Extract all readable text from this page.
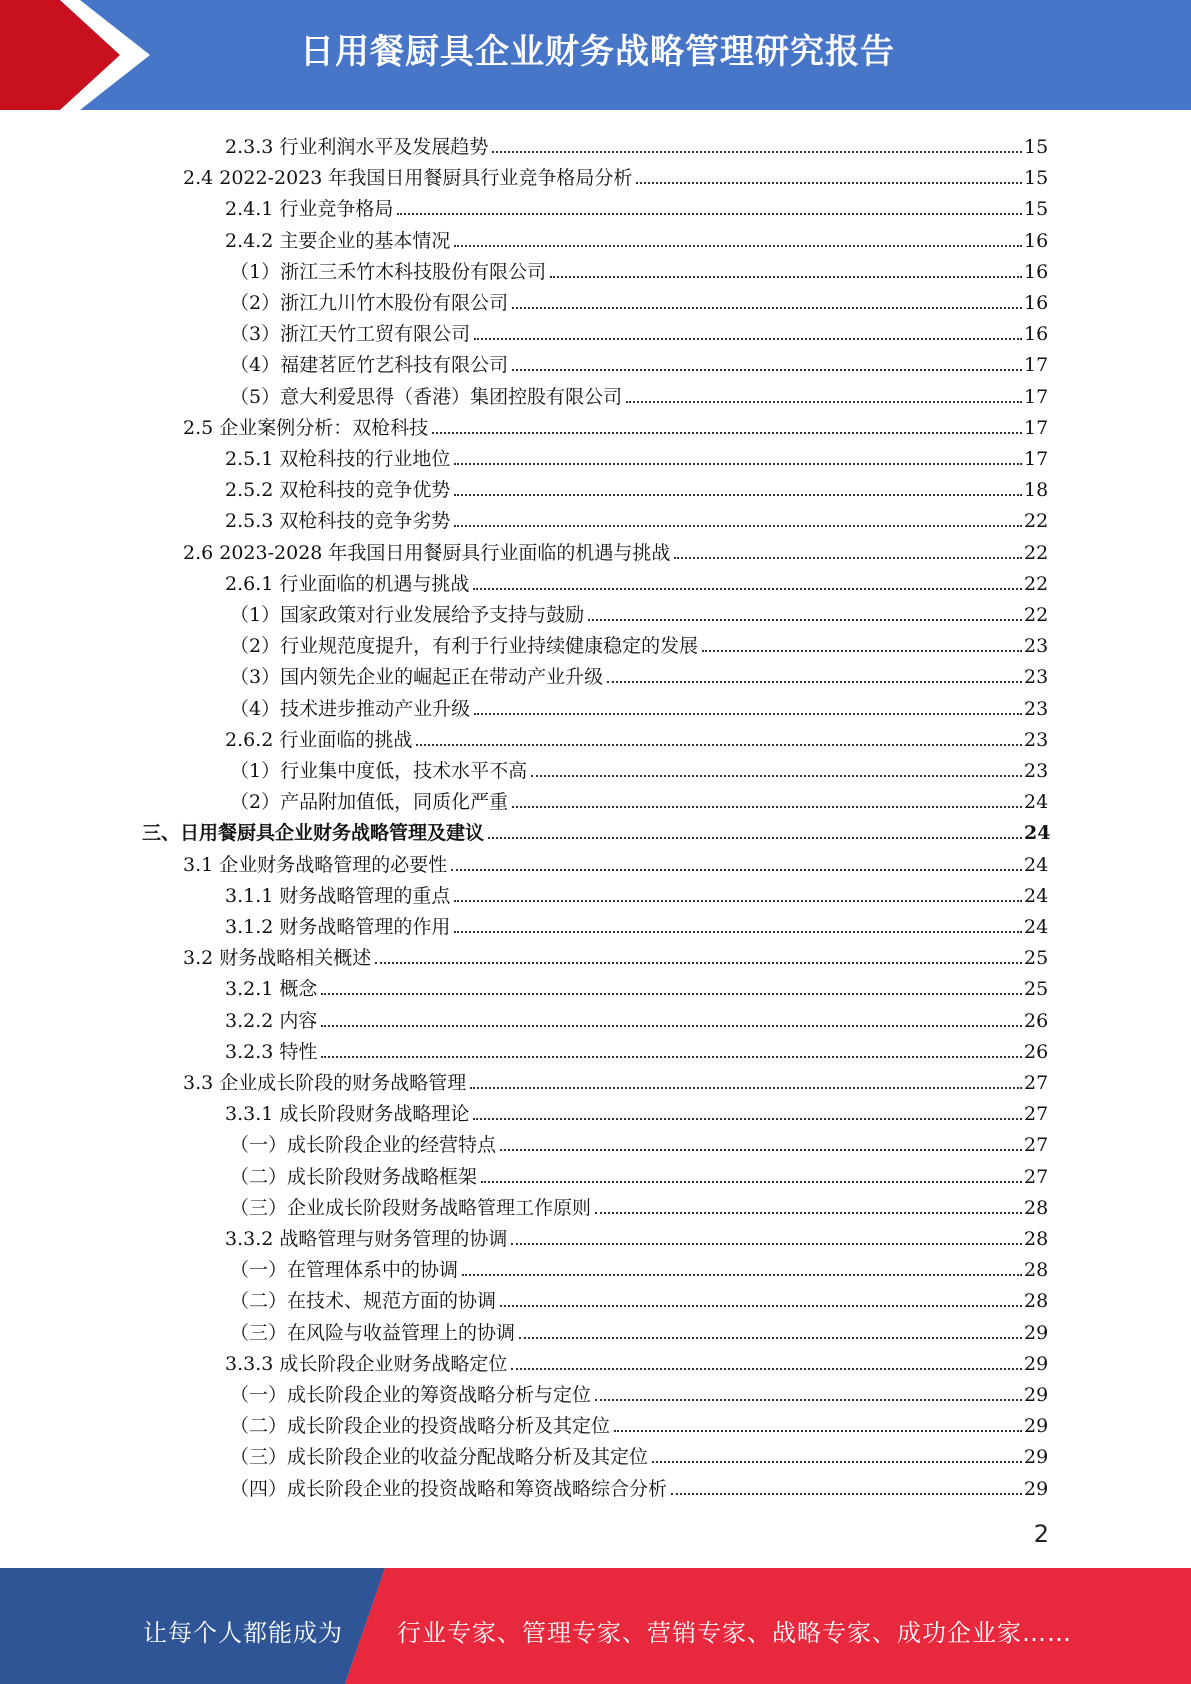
日用餐厨具企业财务战略管理研究报告
2.3.3 行业利润水平及发展趋势	15
2.4 2022-2023 年我国日用餐厨具行业竞争格局分析	15
2.4.1 行业竞争格局	15
2.4.2 主要企业的基本情况	16
（1）浙江三禾竹木科技股份有限公司	16
（2）浙江九川竹木股份有限公司	16
（3）浙江天竹工贸有限公司	16
（4）福建茗匠竹艺科技有限公司	17
（5）意大利爱思得（香港）集团控股有限公司	17
2.5 企业案例分析：双枪科技	17
2.5.1 双枪科技的行业地位	17
2.5.2 双枪科技的竞争优势	18
2.5.3 双枪科技的竞争劣势	22
2.6 2023-2028 年我国日用餐厨具行业面临的机遇与挑战	22
2.6.1 行业面临的机遇与挑战	22
（1）国家政策对行业发展给予支持与鼓励	22
（2）行业规范度提升，有利于行业持续健康稳定的发展	23
（3）国内领先企业的崛起正在带动产业升级	23
（4）技术进步推动产业升级	23
2.6.2 行业面临的挑战	23
（1）行业集中度低，技术水平不高	23
（2）产品附加值低，同质化严重	24
三、日用餐厨具企业财务战略管理及建议	24
3.1 企业财务战略管理的必要性	24
3.1.1 财务战略管理的重点	24
3.1.2 财务战略管理的作用	24
3.2 财务战略相关概述	25
3.2.1 概念	25
3.2.2 内容	26
3.2.3 特性	26
3.3 企业成长阶段的财务战略管理	27
3.3.1 成长阶段财务战略理论	27
（一）成长阶段企业的经营特点	27
（二）成长阶段财务战略框架	27
（三）企业成长阶段财务战略管理工作原则	28
3.3.2 战略管理与财务管理的协调	28
（一）在管理体系中的协调	28
（二）在技术、规范方面的协调	28
（三）在风险与收益管理上的协调	29
3.3.3 成长阶段企业财务战略定位	29
（一）成长阶段企业的筹资战略分析与定位	29
（二）成长阶段企业的投资战略分析及其定位	29
（三）成长阶段企业的收益分配战略分析及其定位	29
（四）成长阶段企业的投资战略和筹资战略综合分析	29
2
让每个人都能成为 行业专家、管理专家、营销专家、战略专家、成功企业家……
